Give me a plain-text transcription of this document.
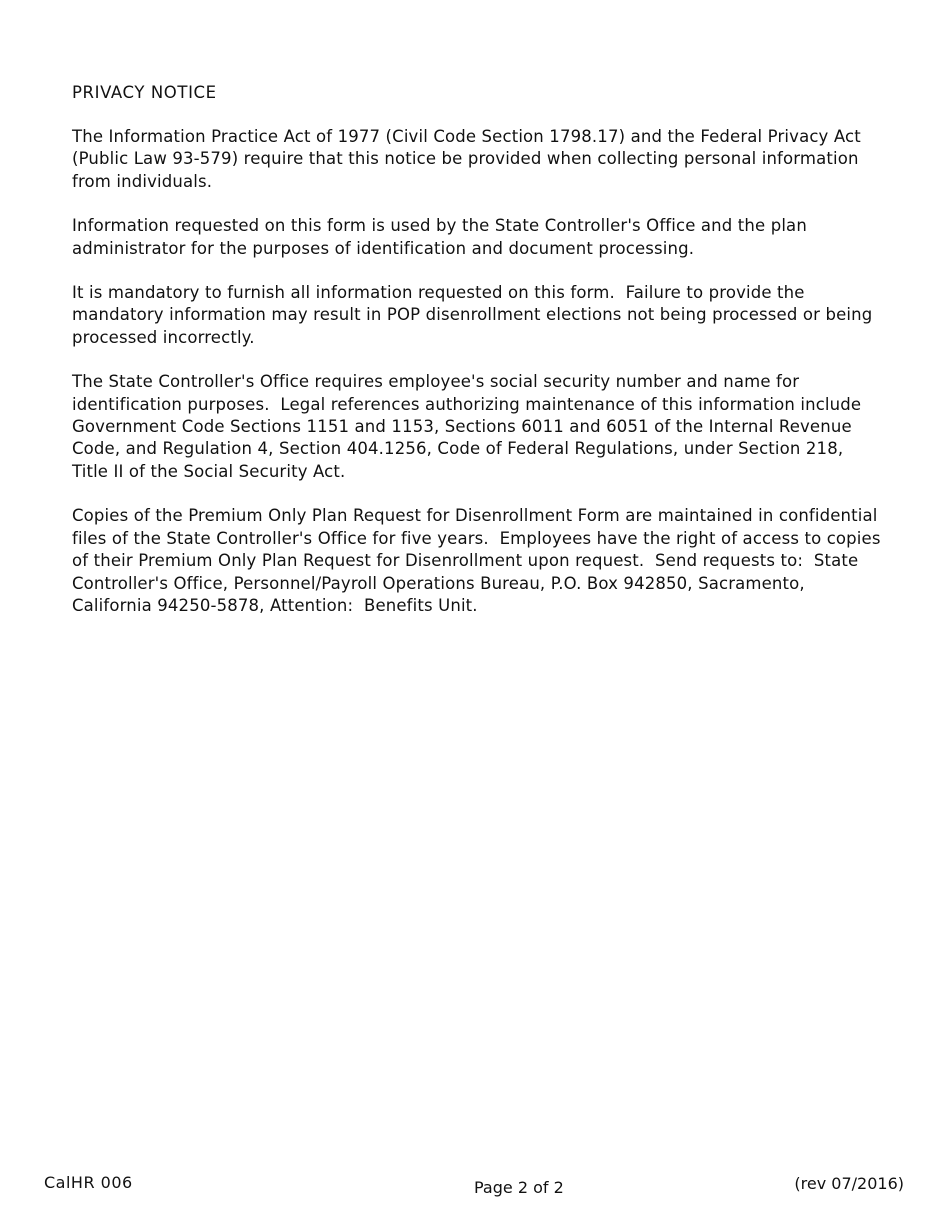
PRIVACY NOTICE

The Information Practice Act of 1977 (Civil Code Section 1798.17) and the Federal Privacy Act (Public Law 93-579) require that this notice be provided when collecting personal information from individuals.

Information requested on this form is used by the State Controller's Office and the plan administrator for the purposes of identification and document processing.

It is mandatory to furnish all information requested on this form.  Failure to provide the mandatory information may result in POP disenrollment elections not being processed or being processed incorrectly.

The State Controller's Office requires employee's social security number and name for identification purposes.  Legal references authorizing maintenance of this information include Government Code Sections 1151 and 1153, Sections 6011 and 6051 of the Internal Revenue Code, and Regulation 4, Section 404.1256, Code of Federal Regulations, under Section 218, Title II of the Social Security Act.

Copies of the Premium Only Plan Request for Disenrollment Form are maintained in confidential files of the State Controller's Office for five years.  Employees have the right of access to copies of their Premium Only Plan Request for Disenrollment upon request.  Send requests to:  State Controller's Office, Personnel/Payroll Operations Bureau, P.O. Box 942850, Sacramento, California 94250-5878, Attention:  Benefits Unit.

CalHR 006	Page 2 of 2	(rev 07/2016)
